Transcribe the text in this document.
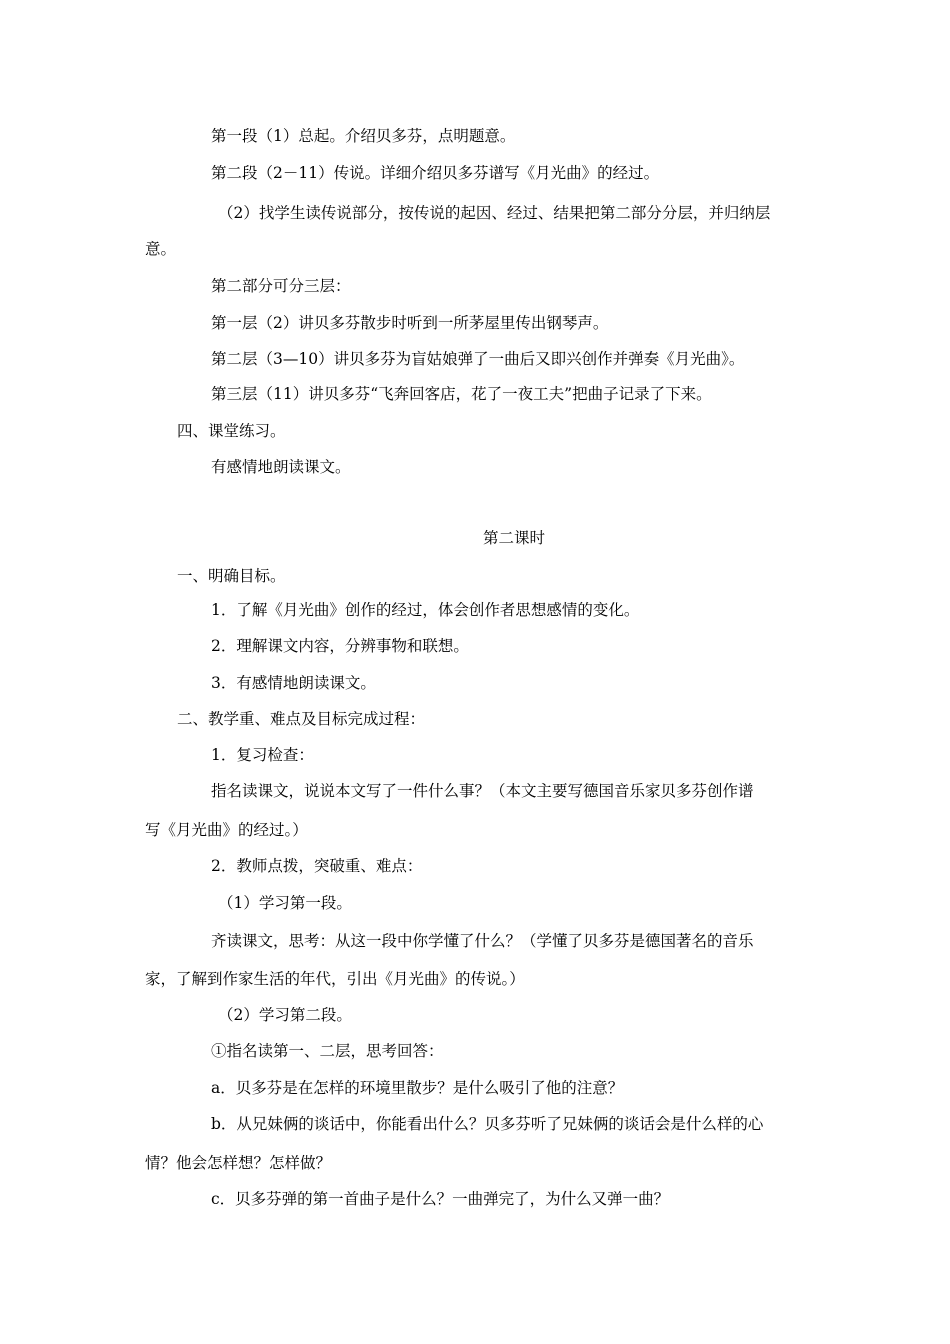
第一段（1）总起。介绍贝多芬，点明题意。
第二段（2－11）传说。详细介绍贝多芬谱写《月光曲》的经过。
（2）找学生读传说部分，按传说的起因、经过、结果把第二部分分层，并归纳层
意。
第二部分可分三层：
第一层（2）讲贝多芬散步时听到一所茅屋里传出钢琴声。
第二层（3—10）讲贝多芬为盲姑娘弹了一曲后又即兴创作并弹奏《月光曲》。
第三层（11）讲贝多芬“飞奔回客店，花了一夜工夫”把曲子记录了下来。
四、课堂练习。
有感情地朗读课文。
第二课时
一、明确目标。
1．了解《月光曲》创作的经过，体会创作者思想感情的变化。
2．理解课文内容，分辨事物和联想。
3．有感情地朗读课文。
二、教学重、难点及目标完成过程：
1．复习检查：
指名读课文，说说本文写了一件什么事？（本文主要写德国音乐家贝多芬创作谱
写《月光曲》的经过。）
2．教师点拨，突破重、难点：
（1）学习第一段。
齐读课文，思考：从这一段中你学懂了什么？（学懂了贝多芬是德国著名的音乐
家，了解到作家生活的年代，引出《月光曲》的传说。）
（2）学习第二段。
①指名读第一、二层，思考回答：
a．贝多芬是在怎样的环境里散步？是什么吸引了他的注意？
b．从兄妹俩的谈话中，你能看出什么？贝多芬听了兄妹俩的谈话会是什么样的心
情？他会怎样想？怎样做？
c．贝多芬弹的第一首曲子是什么？一曲弹完了，为什么又弹一曲？
